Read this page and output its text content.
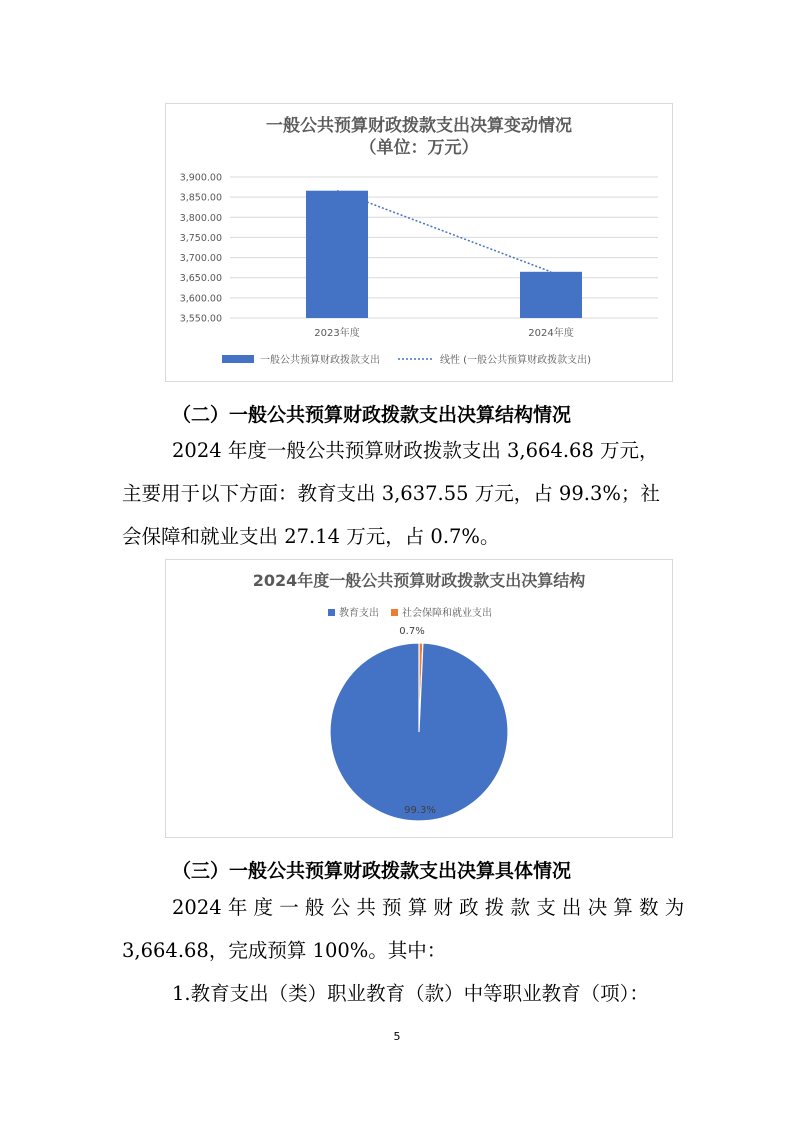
一般公共预算财政拨款支出决算变动情况
（单位：万元）
3,550.00
3,600.00
3,650.00
3,700.00
3,750.00
3,800.00
3,850.00
3,900.00
2023年度	2024年度
一般公共预算财政拨款支出	线性 (一般公共预算财政拨款支出)
（二）一般公共预算财政拨款支出决算结构情况
2024 年度一般公共预算财政拨款支出 3,664.68 万元，
主要用于以下方面：教育支出 3,637.55 万元，占 99.3%；社
会保障和就业支出 27.14 万元，占 0.7%。
2024年度一般公共预算财政拨款支出决算结构
教育支出 社会保障和就业支出
0.7%
99.3%
（三）一般公共预算财政拨款支出决算具体情况
2024 年 度 一 般 公 共 预 算 财 政 拨 款 支 出 决 算 数 为
3,664.68，完成预算 100%。其中：
1.教育支出（类）职业教育（款）中等职业教育（项）：
5
